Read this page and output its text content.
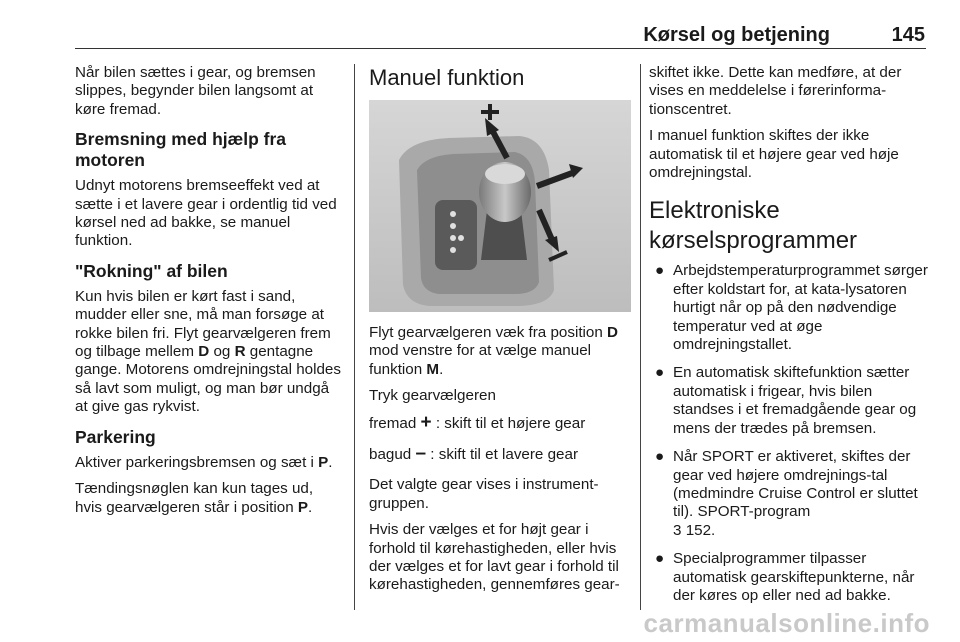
Kørsel og betjening	145

Når bilen sættes i gear, og bremsen slippes, begynder bilen langsomt at køre fremad.

Bremsning med hjælp fra motoren

Udnyt motorens bremseeffekt ved at sætte i et lavere gear i ordentlig tid ved kørsel ned ad bakke, se manuel funktion.

"Rokning" af bilen

Kun hvis bilen er kørt fast i sand, mudder eller sne, må man forsøge at rokke bilen fri. Flyt gearvælgeren frem og tilbage mellem D og R gentagne gange. Motorens omdrejningstal holdes så lavt som muligt, og man bør undgå at give gas rykvist.

Parkering

Aktiver parkeringsbremsen og sæt i P.

Tændingsnøglen kan kun tages ud, hvis gearvælgeren står i position P.

Manuel funktion

Flyt gearvælgeren væk fra position D mod venstre for at vælge manuel funktion M.

Tryk gearvælgeren

fremad + : skift til et højere gear
bagud – : skift til et lavere gear

Det valgte gear vises i instrument-gruppen.

Hvis der vælges et for højt gear i forhold til kørehastigheden, eller hvis der vælges et for lavt gear i forhold til kørehastigheden, gennemføres gear-

skiftet ikke. Dette kan medføre, at der vises en meddelelse i førerinforma-tionscentret.

I manuel funktion skiftes der ikke automatisk til et højere gear ved høje omdrejningstal.

Elektroniske kørselsprogrammer
● Arbejdstemperaturprogrammet sørger efter koldstart for, at kata-lysatoren hurtigt når op på den nødvendige temperatur ved at øge omdrejningstallet.
● En automatisk skiftefunktion sætter automatisk i frigear, hvis bilen standses i et fremadgående gear og mens der trædes på bremsen.
● Når SPORT er aktiveret, skiftes der gear ved højere omdrejnings-tal (medmindre Cruise Control er sluttet til). SPORT-program
3 152.
● Specialprogrammer tilpasser automatisk gearskiftepunkterne, når der køres op eller ned ad bakke.
carmanualsonline.info
